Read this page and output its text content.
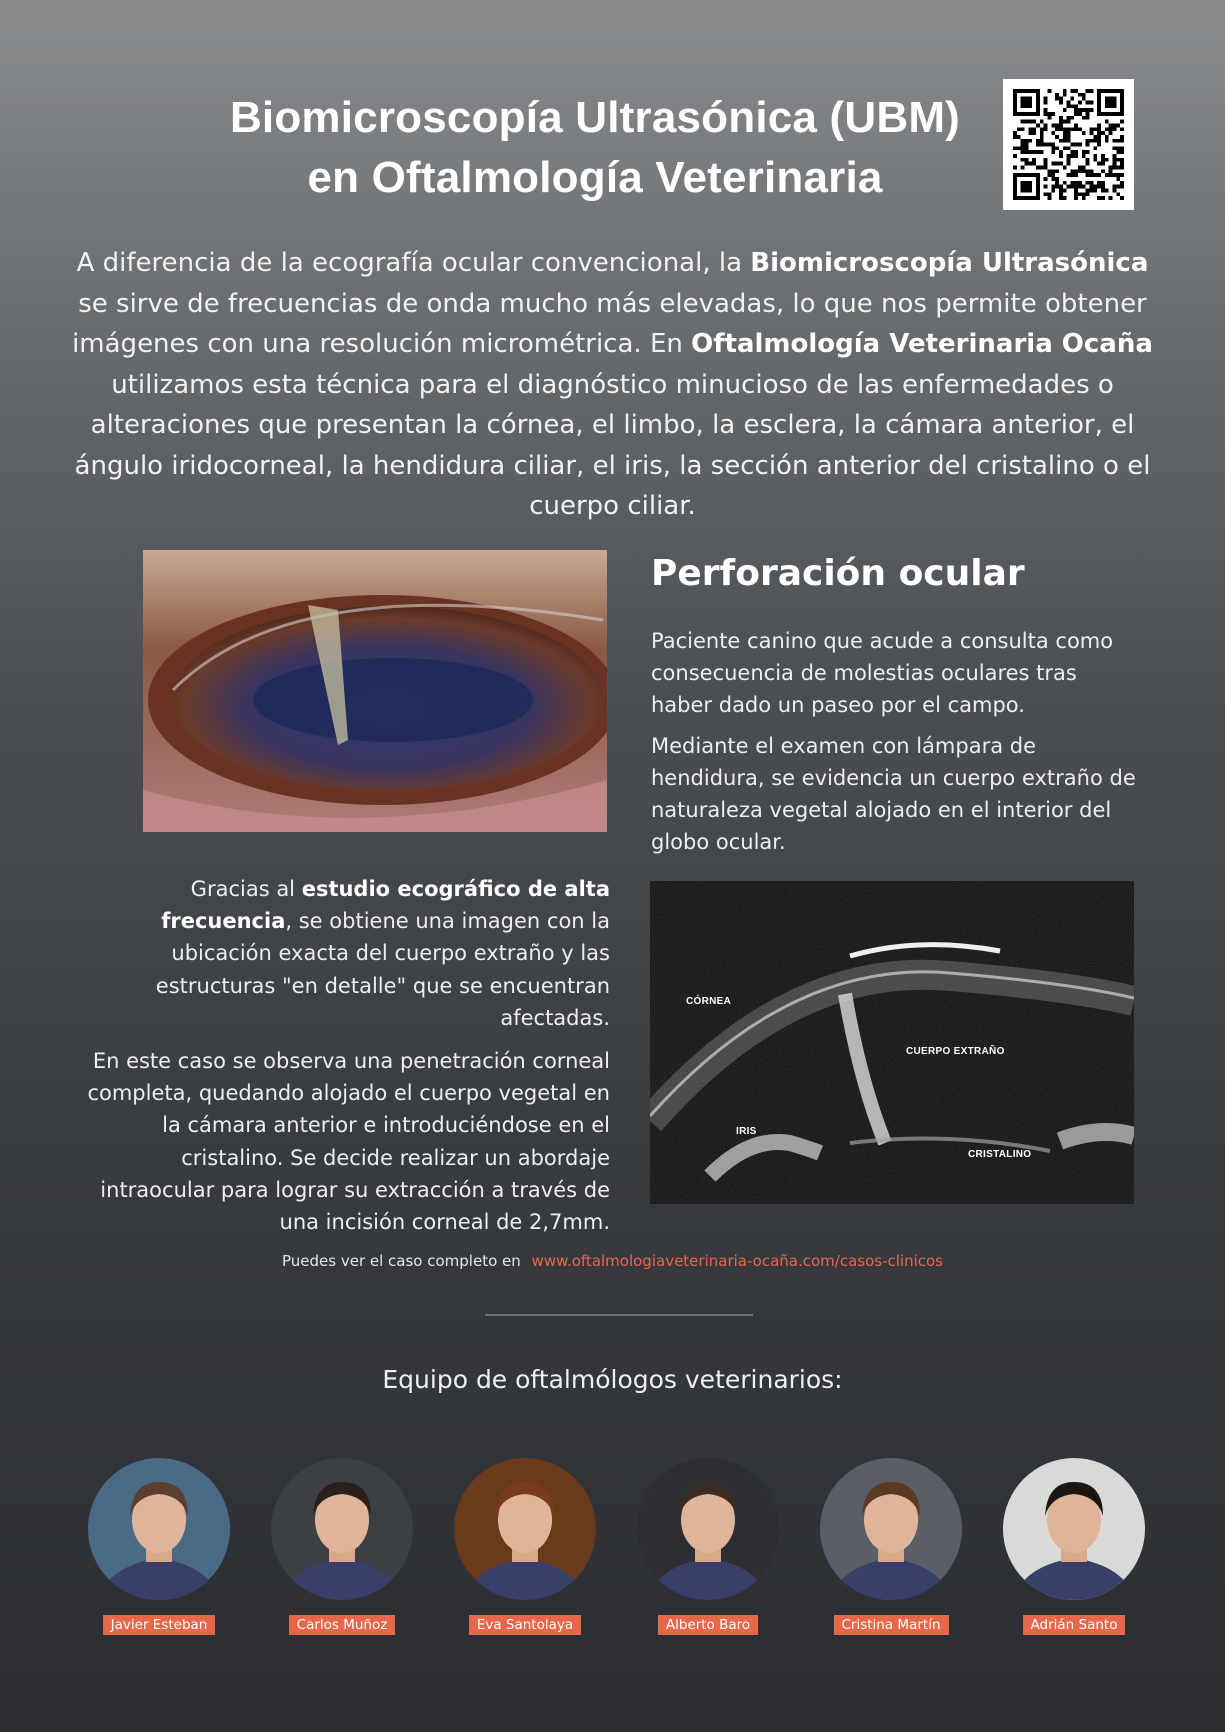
Biomicroscopía Ultrasónica (UBM)
en Oftalmología Veterinaria
A diferencia de la ecografía ocular convencional, la Biomicroscopía Ultrasónica se sirve de frecuencias de onda mucho más elevadas, lo que nos permite obtener imágenes con una resolución micrométrica. En Oftalmología Veterinaria Ocaña utilizamos esta técnica para el diagnóstico minucioso de las enfermedades o alteraciones que presentan la córnea, el limbo, la esclera, la cámara anterior, el ángulo iridocorneal, la hendidura ciliar, el iris, la sección anterior del cristalino o el cuerpo ciliar.
Perforación ocular

Paciente canino que acude a consulta como consecuencia de molestias oculares tras haber dado un paseo por el campo.

Mediante el examen con lámpara de hendidura, se evidencia un cuerpo extraño de naturaleza vegetal alojado en el interior del globo ocular.

Gracias al estudio ecográfico de alta frecuencia, se obtiene una imagen con la ubicación exacta del cuerpo extraño y las estructuras "en detalle" que se encuentran afectadas.

En este caso se observa una penetración corneal completa, quedando alojado el cuerpo vegetal en la cámara anterior e introduciéndose en el cristalino. Se decide realizar un abordaje intraocular para lograr su extracción a través de una incisión corneal de 2,7mm.

CÓRNEA
CUERPO EXTRAÑO
IRIS
CRISTALINO
Puedes ver el caso completo en www.oftalmologiaveterinaria-ocaña.com/casos-clinicos
Equipo de oftalmólogos veterinarios:
Javier Esteban	Carlos Muñoz	Eva Santolaya	Alberto Baro	Cristina Martín	Adrián Santo
